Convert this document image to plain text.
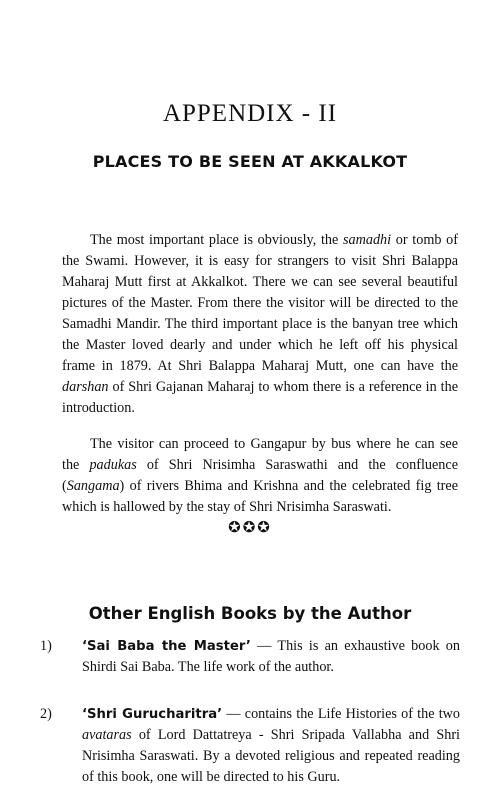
APPENDIX - II
PLACES TO BE SEEN AT AKKALKOT

The most important place is obviously, the samadhi or tomb of the Swami. However, it is easy for strangers to visit Shri Balappa Maharaj Mutt first at Akkalkot. There we can see several beautiful pictures of the Master. From there the visitor will be directed to the Samadhi Mandir. The third important place is the banyan tree which the Master loved dearly and under which he left off his physical frame in 1879. At Shri Balappa Maharaj Mutt, one can have the darshan of Shri Gajanan Maharaj to whom there is a reference in the introduction.

The visitor can proceed to Gangapur by bus where he can see the padukas of Shri Nrisimha Saraswathi and the confluence (Sangama) of rivers Bhima and Krishna and the celebrated fig tree which is hallowed by the stay of Shri Nrisimha Saraswati.

✪✪✪
Other English Books by the Author
1)	‘Sai Baba the Master’ — This is an exhaustive book on Shirdi Sai Baba. The life work of the author.
2)	‘Shri Gurucharitra’ — contains the Life Histories of the two avataras of Lord Dattatreya - Shri Sripada Vallabha and Shri Nrisimha Saraswati. By a devoted religious and repeated reading of this book, one will be directed to his Guru.
